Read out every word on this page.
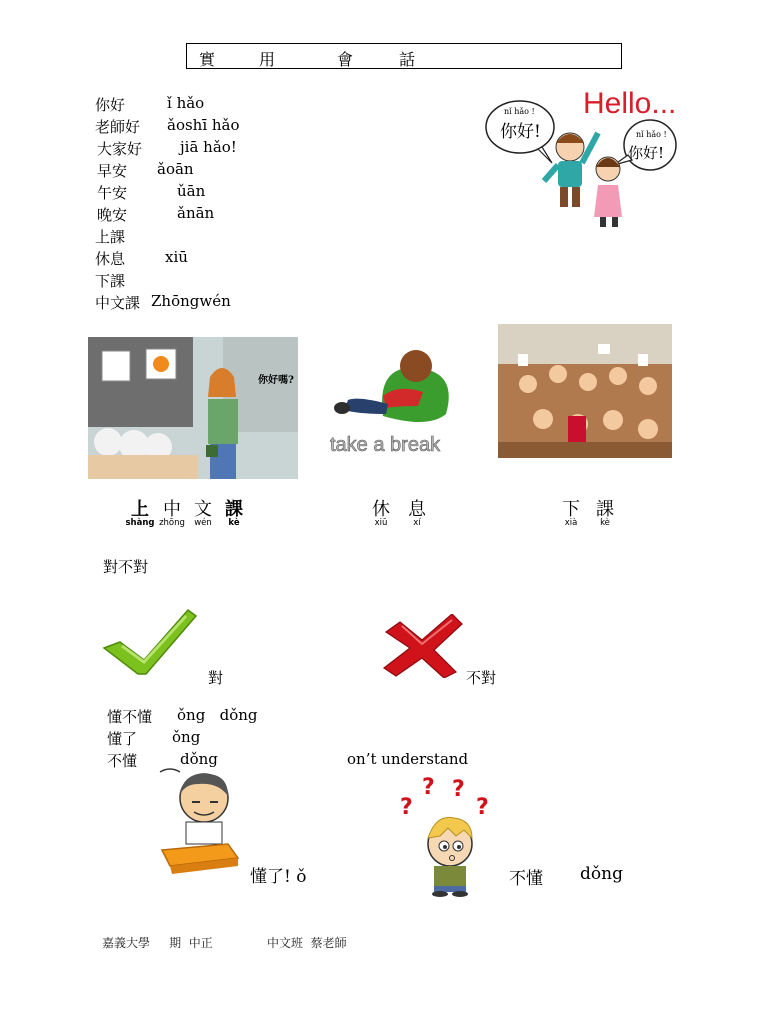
實	用	會	話
你好	ǐ hǎo
老師好 ǎoshī hǎo
大家好	jiā hǎo!
早安 ǎoān
午安	ǔān
晚安	ǎnān
上課
休息	xiū
下課
中文課 Zhōngwén
Hello...
nǐ hǎo !
你好!	nǐ hǎo !
你好!
你好嗎?
take a break
上 中 文 課
shàng zhōng	wén	kè
休	息
xiū	xí
下 課
xià	kè
對不對
對	不對
懂不懂 ǒng   dǒng
懂了 ǒng
不懂	dǒng	on’t understand
懂了! ǒ
?
? ?
?
不懂 dǒng
嘉義大學     期  中正	中文班  蔡老師
